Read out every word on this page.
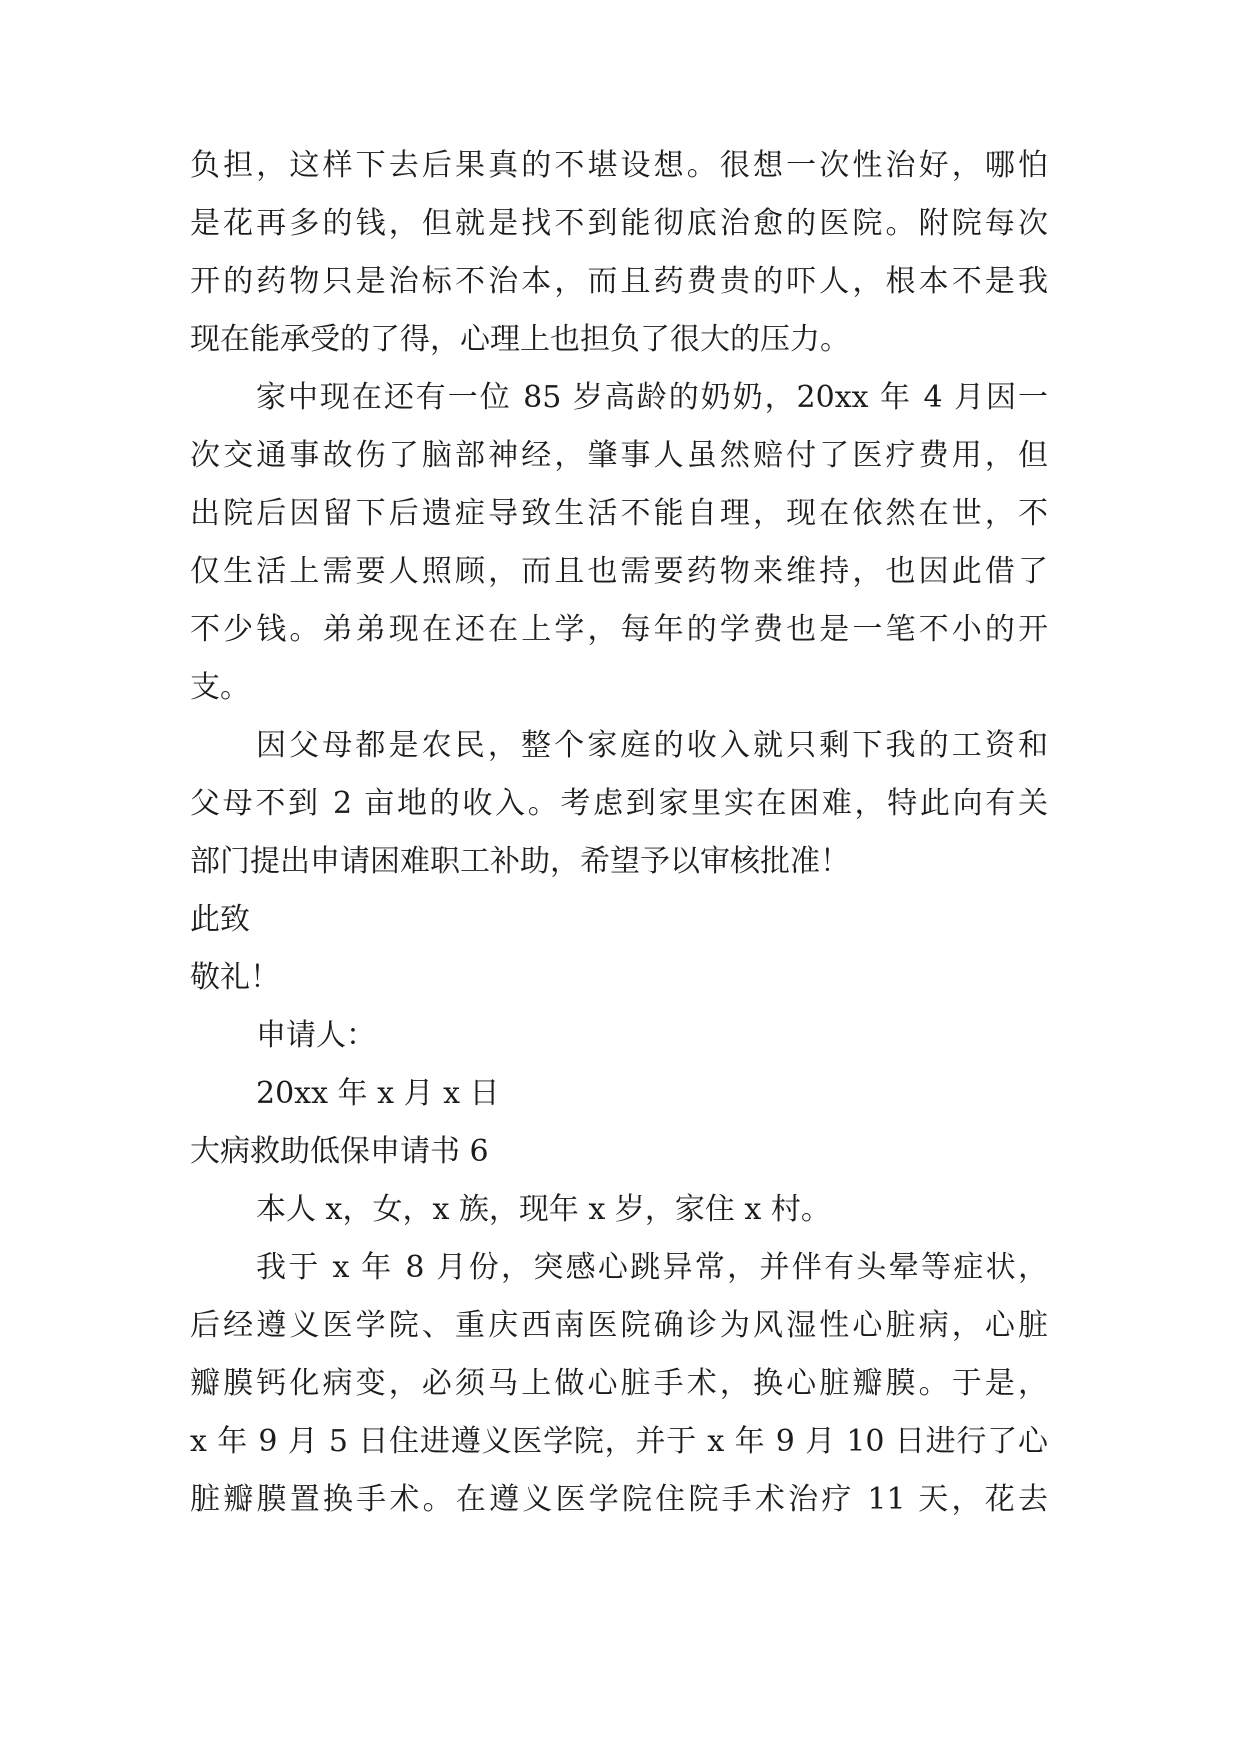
负担，这样下去后果真的不堪设想。很想一次性治好，哪怕
是花再多的钱，但就是找不到能彻底治愈的医院。附院每次
开的药物只是治标不治本，而且药费贵的吓人，根本不是我
现在能承受的了得，心理上也担负了很大的压力。
家中现在还有一位 85 岁高龄的奶奶，20xx 年 4 月因一
次交通事故伤了脑部神经，肇事人虽然赔付了医疗费用，但
出院后因留下后遗症导致生活不能自理，现在依然在世，不
仅生活上需要人照顾，而且也需要药物来维持，也因此借了
不少钱。弟弟现在还在上学，每年的学费也是一笔不小的开
支。
因父母都是农民，整个家庭的收入就只剩下我的工资和
父母不到 2 亩地的收入。考虑到家里实在困难，特此向有关
部门提出申请困难职工补助，希望予以审核批准！
此致
敬礼！
申请人：
20xx 年 x 月 x 日
大病救助低保申请书 6
本人 x，女，x 族，现年 x 岁，家住 x 村。
我于 x 年 8 月份，突感心跳异常，并伴有头晕等症状，
后经遵义医学院、重庆西南医院确诊为风湿性心脏病，心脏
瓣膜钙化病变，必须马上做心脏手术，换心脏瓣膜。于是，
x 年 9 月 5 日住进遵义医学院，并于 x 年 9 月 10 日进行了心
脏瓣膜置换手术。在遵义医学院住院手术治疗 11 天，花去
